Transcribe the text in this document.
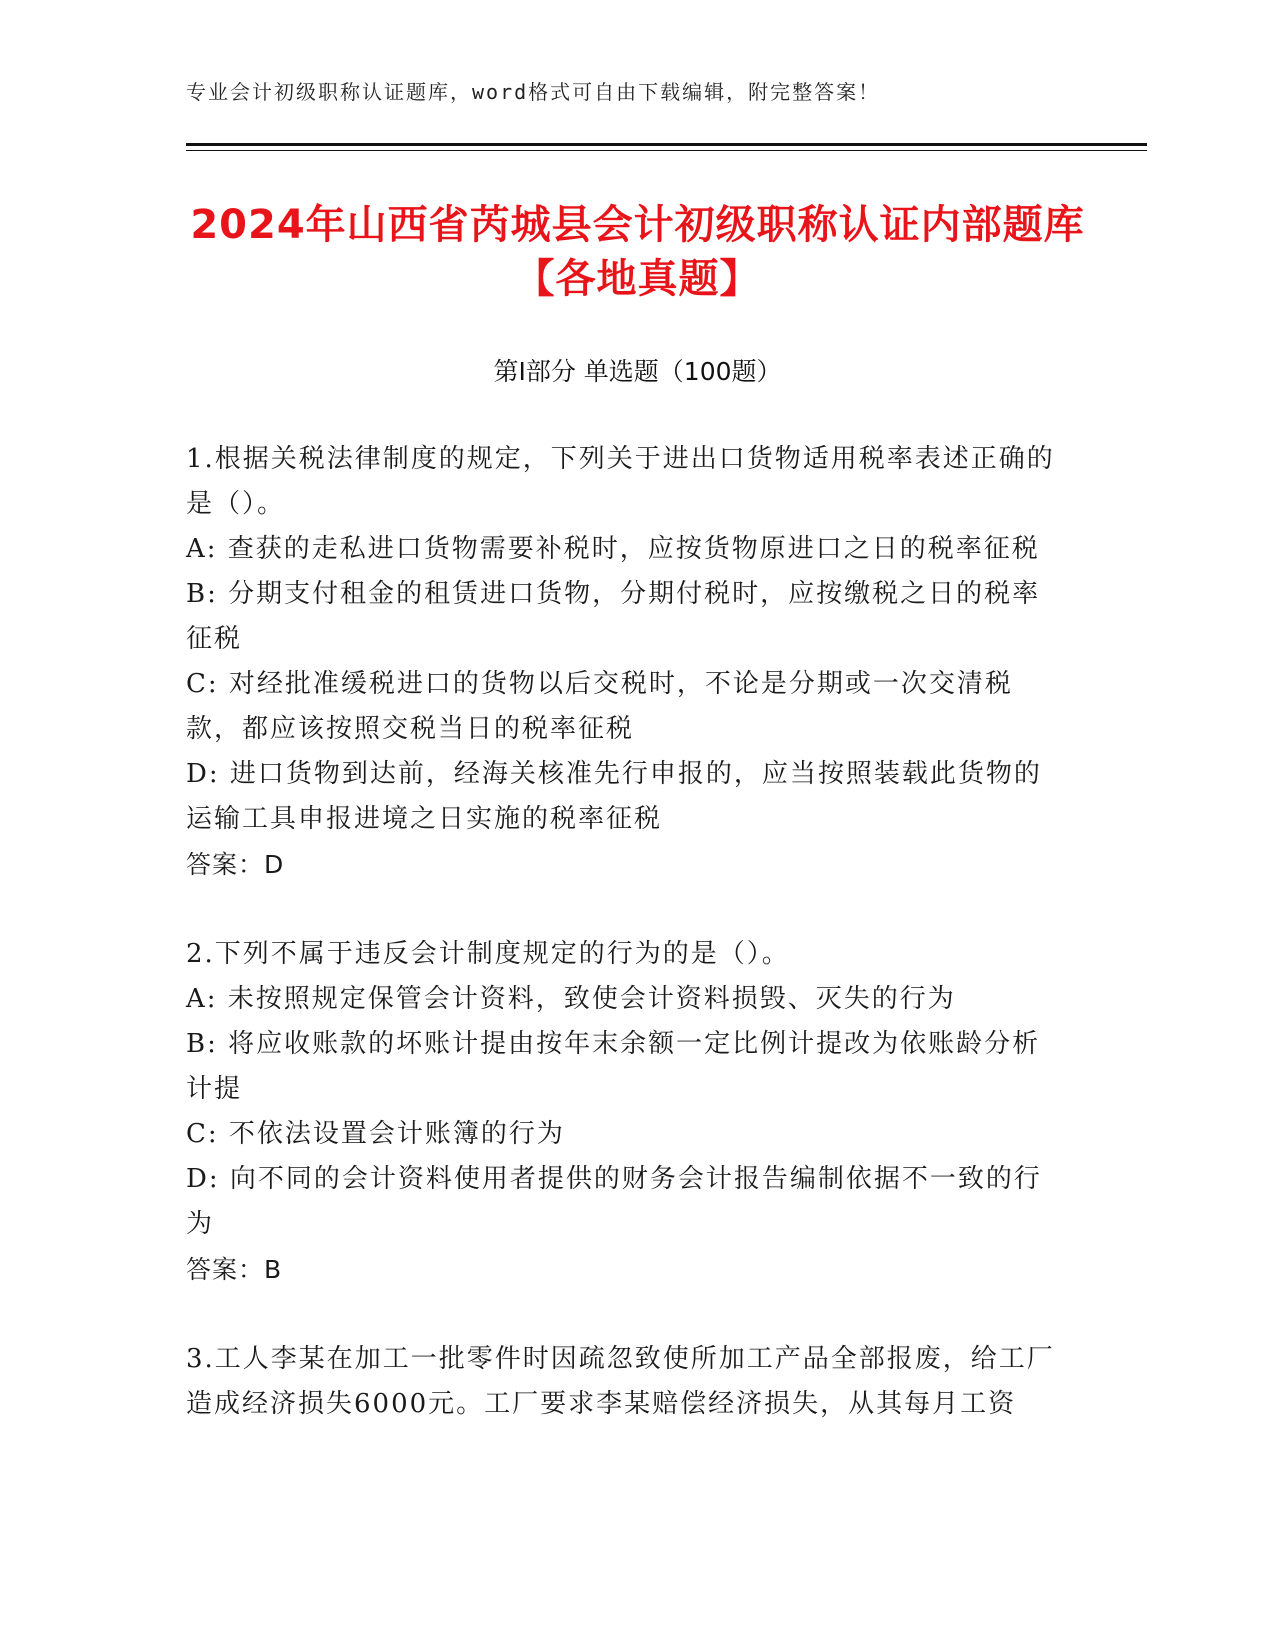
专业会计初级职称认证题库，word格式可自由下载编辑，附完整答案！
2024年山西省芮城县会计初级职称认证内部题库【各地真题】
第Ⅰ部分 单选题（100题）
1.根据关税法律制度的规定，下列关于进出口货物适用税率表述正确的是（）。
A: 查获的走私进口货物需要补税时，应按货物原进口之日的税率征税
B: 分期支付租金的租赁进口货物，分期付税时，应按缴税之日的税率征税
C: 对经批准缓税进口的货物以后交税时，不论是分期或一次交清税款，都应该按照交税当日的税率征税
D: 进口货物到达前，经海关核准先行申报的，应当按照装载此货物的运输工具申报进境之日实施的税率征税
答案：D
2.下列不属于违反会计制度规定的行为的是（）。
A: 未按照规定保管会计资料，致使会计资料损毁、灭失的行为
B: 将应收账款的坏账计提由按年末余额一定比例计提改为依账龄分析计提
C: 不依法设置会计账簿的行为
D: 向不同的会计资料使用者提供的财务会计报告编制依据不一致的行为
答案：B
3.工人李某在加工一批零件时因疏忽致使所加工产品全部报废，给工厂造成经济损失6000元。工厂要求李某赔偿经济损失，从其每月工资
